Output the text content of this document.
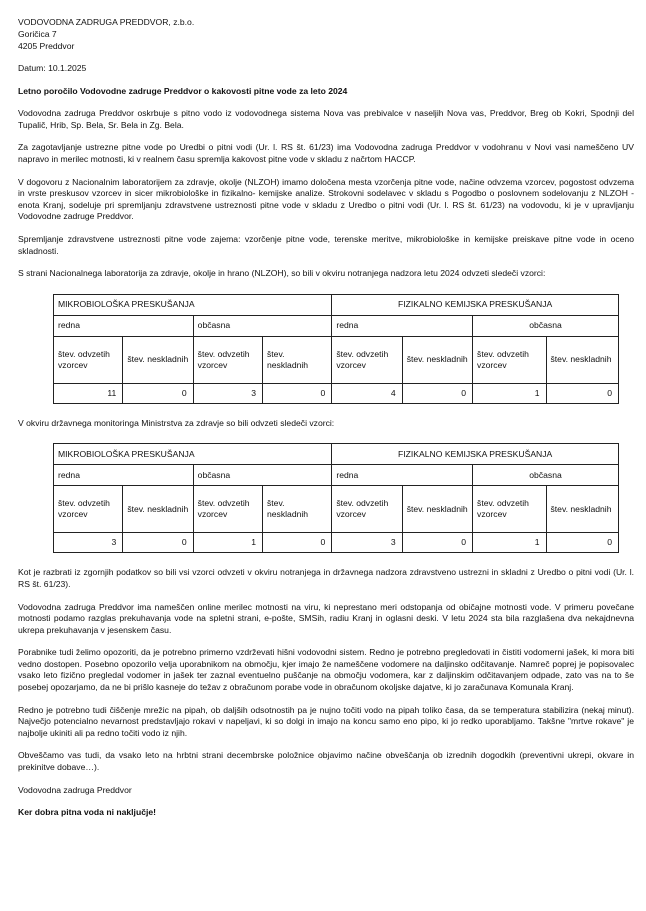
VODOVODNA ZADRUGA PREDDVOR, z.b.o.

Goričica 7

4205 Preddvor

Datum: 10.1.2025

Letno poročilo Vodovodne zadruge Preddvor o kakovosti pitne vode za leto 2024

Vodovodna zadruga Preddvor oskrbuje s pitno vodo iz vodovodnega sistema Nova vas prebivalce v naseljih Nova vas, Preddvor, Breg ob Kokri, Spodnji del Tupalič, Hrib, Sp. Bela, Sr. Bela in Zg. Bela.

Za zagotavljanje ustrezne pitne vode po Uredbi o pitni vodi (Ur. l. RS št. 61/23) ima Vodovodna zadruga Preddvor v vodohranu v Novi vasi nameščeno UV napravo in merilec motnosti, ki v realnem času spremlja kakovost pitne vode v skladu z načrtom HACCP.

V dogovoru z Nacionalnim laboratorijem za zdravje, okolje (NLZOH) imamo določena mesta vzorčenja pitne vode, načine odvzema vzorcev, pogostost odvzema in vrste preskusov vzorcev in sicer mikrobiološke in fizikalno- kemijske analize. Strokovni sodelavec v skladu s Pogodbo o poslovnem sodelovanju z NLZOH - enota Kranj, sodeluje pri spremljanju zdravstvene ustreznosti pitne vode v skladu z Uredbo o pitni vodi (Ur. l. RS št. 61/23) na vodovodu, ki je v upravljanju Vodovodne zadruge Preddvor.

Spremljanje zdravstvene ustreznosti pitne vode zajema: vzorčenje pitne vode, terenske meritve, mikrobiološke in kemijske preiskave pitne vode in oceno skladnosti.

S strani Nacionalnega laboratorija za zdravje, okolje in hrano (NLZOH), so bili v okviru notranjega nadzora letu 2024 odvzeti sledeči vzorci:

MIKROBIOLOŠKA PRESKUŠANJA				FIZIKALNO KEMIJSKA PRESKUŠANJA			
redna		občasna		redna		občasna	
štev. odvzetih vzorcev	štev. neskladnih	štev. odvzetih vzorcev	štev. neskladnih	štev. odvzetih vzorcev	štev. neskladnih	štev. odvzetih vzorcev	štev. neskladnih
11	0	3	0	4	0	1	0

V okviru državnega monitoringa Ministrstva za zdravje so bili odvzeti sledeči vzorci:

MIKROBIOLOŠKA PRESKUŠANJA				FIZIKALNO KEMIJSKA PRESKUŠANJA			
redna		občasna		redna		občasna	
štev. odvzetih vzorcev	štev. neskladnih	štev. odvzetih vzorcev	štev. neskladnih	štev. odvzetih vzorcev	štev. neskladnih	štev. odvzetih vzorcev	štev. neskladnih
3	0	1	0	3	0	1	0

Kot je razbrati iz zgornjih podatkov so bili vsi vzorci odvzeti v okviru notranjega in državnega nadzora zdravstveno ustrezni in skladni z Uredbo o pitni vodi (Ur. l. RS št. 61/23).

Vodovodna zadruga Preddvor ima nameščen online merilec motnosti na viru, ki neprestano meri odstopanja od običajne motnosti vode. V primeru povečane motnosti podamo razglas prekuhavanja vode na spletni strani, e-pošte, SMSih, radiu Kranj in oglasni deski. V letu 2024 sta bila razglašena dva nekajdnevna ukrepa prekuhavanja v jesenskem času.

Porabnike tudi želimo opozoriti, da je potrebno primerno vzdrževati hišni vodovodni sistem. Redno je potrebno pregledovati in čistiti vodomerni jašek, ki mora biti vedno dostopen. Posebno opozorilo velja uporabnikom na območju, kjer imajo že nameščene vodomere na daljinsko odčitavanje. Namreč poprej je popisovalec vsako leto fizično pregledal vodomer in jašek ter zaznal eventuelno puščanje na območju vodomera, kar z daljinskim odčitavanjem odpade, zato vas na to še posebej opozarjamo, da ne bi prišlo kasneje do težav z obračunom porabe vode in obračunom okoljske dajatve, ki jo zaračunava Komunala Kranj.

Redno je potrebno tudi čiščenje mrežic na pipah, ob daljših odsotnostih pa je nujno točiti vodo na pipah toliko časa, da se temperatura stabilizira (nekaj minut). Največjo potencialno nevarnost predstavljajo rokavi v napeljavi, ki so dolgi in imajo na koncu samo eno pipo, ki jo redko uporabljamo. Takšne "mrtve rokave" je najbolje ukiniti ali pa redno točiti vodo iz njih.

Obveščamo vas tudi, da vsako leto na hrbtni strani decembrske položnice objavimo načine obveščanja ob izrednih dogodkih (preventivni ukrepi, okvare in prekinitve dobave…).

Vodovodna zadruga Preddvor

Ker dobra pitna voda ni naključje!
